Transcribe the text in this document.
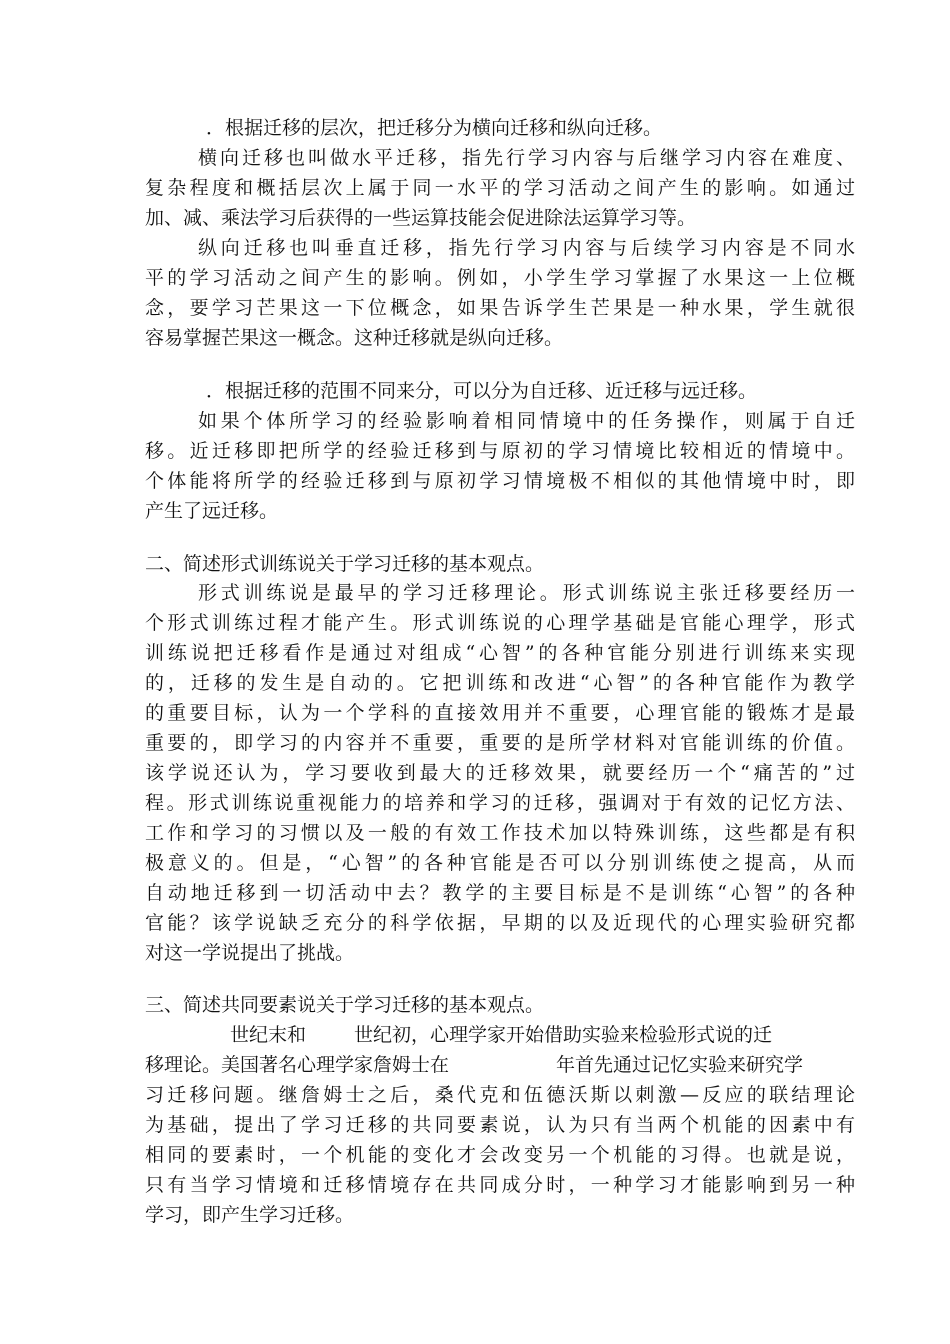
．根据迁移的层次，把迁移分为横向迁移和纵向迁移。
横向迁移也叫做水平迁移，指先行学习内容与后继学习内容在难度、
复杂程度和概括层次上属于同一水平的学习活动之间产生的影响。如通过
加、减、乘法学习后获得的一些运算技能会促进除法运算学习等。
纵向迁移也叫垂直迁移，指先行学习内容与后续学习内容是不同水
平的学习活动之间产生的影响。例如，小学生学习掌握了水果这一上位概
念，要学习芒果这一下位概念，如果告诉学生芒果是一种水果，学生就很
容易掌握芒果这一概念。这种迁移就是纵向迁移。
．根据迁移的范围不同来分，可以分为自迁移、近迁移与远迁移。
如果个体所学习的经验影响着相同情境中的任务操作，则属于自迁
移。近迁移即把所学的经验迁移到与原初的学习情境比较相近的情境中。
个体能将所学的经验迁移到与原初学习情境极不相似的其他情境中时，即
产生了远迁移。
二、简述形式训练说关于学习迁移的基本观点。
形式训练说是最早的学习迁移理论。形式训练说主张迁移要经历一
个形式训练过程才能产生。形式训练说的心理学基础是官能心理学，形式
训练说把迁移看作是通过对组成“心智”的各种官能分别进行训练来实现
的，迁移的发生是自动的。它把训练和改进“心智”的各种官能作为教学
的重要目标，认为一个学科的直接效用并不重要，心理官能的锻炼才是最
重要的，即学习的内容并不重要，重要的是所学材料对官能训练的价值。
该学说还认为，学习要收到最大的迁移效果，就要经历一个“痛苦的”过
程。形式训练说重视能力的培养和学习的迁移，强调对于有效的记忆方法、
工作和学习的习惯以及一般的有效工作技术加以特殊训练，这些都是有积
极意义的。但是，“心智”的各种官能是否可以分别训练使之提高，从而
自动地迁移到一切活动中去？教学的主要目标是不是训练“心智”的各种
官能？该学说缺乏充分的科学依据，早期的以及近现代的心理实验研究都
对这一学说提出了挑战。
三、简述共同要素说关于学习迁移的基本观点。
世纪末和	世纪初，心理学家开始借助实验来检验形式说的迁
移理论。美国著名心理学家詹姆士在	年首先通过记忆实验来研究学
习迁移问题。继詹姆士之后，桑代克和伍德沃斯以刺激—反应的联结理论
为基础，提出了学习迁移的共同要素说，认为只有当两个机能的因素中有
相同的要素时，一个机能的变化才会改变另一个机能的习得。也就是说，
只有当学习情境和迁移情境存在共同成分时，一种学习才能影响到另一种
学习，即产生学习迁移。
